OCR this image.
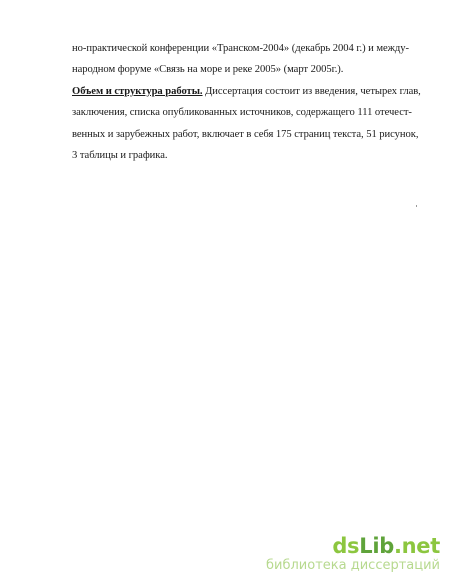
но-практической конференции «Транском-2004» (декабрь 2004 г.) и между-
народном форуме «Связь на море и реке 2005» (март 2005г.).
Объем и структура работы. Диссертация состоит из введения, четырех глав,
заключения, списка опубликованных источников, содержащего 111 отечест-
венных и зарубежных работ, включает в себя 175 страниц текста, 51 рисунок,
3 таблицы и графика.
dsLib.net
библиотека диссертаций
